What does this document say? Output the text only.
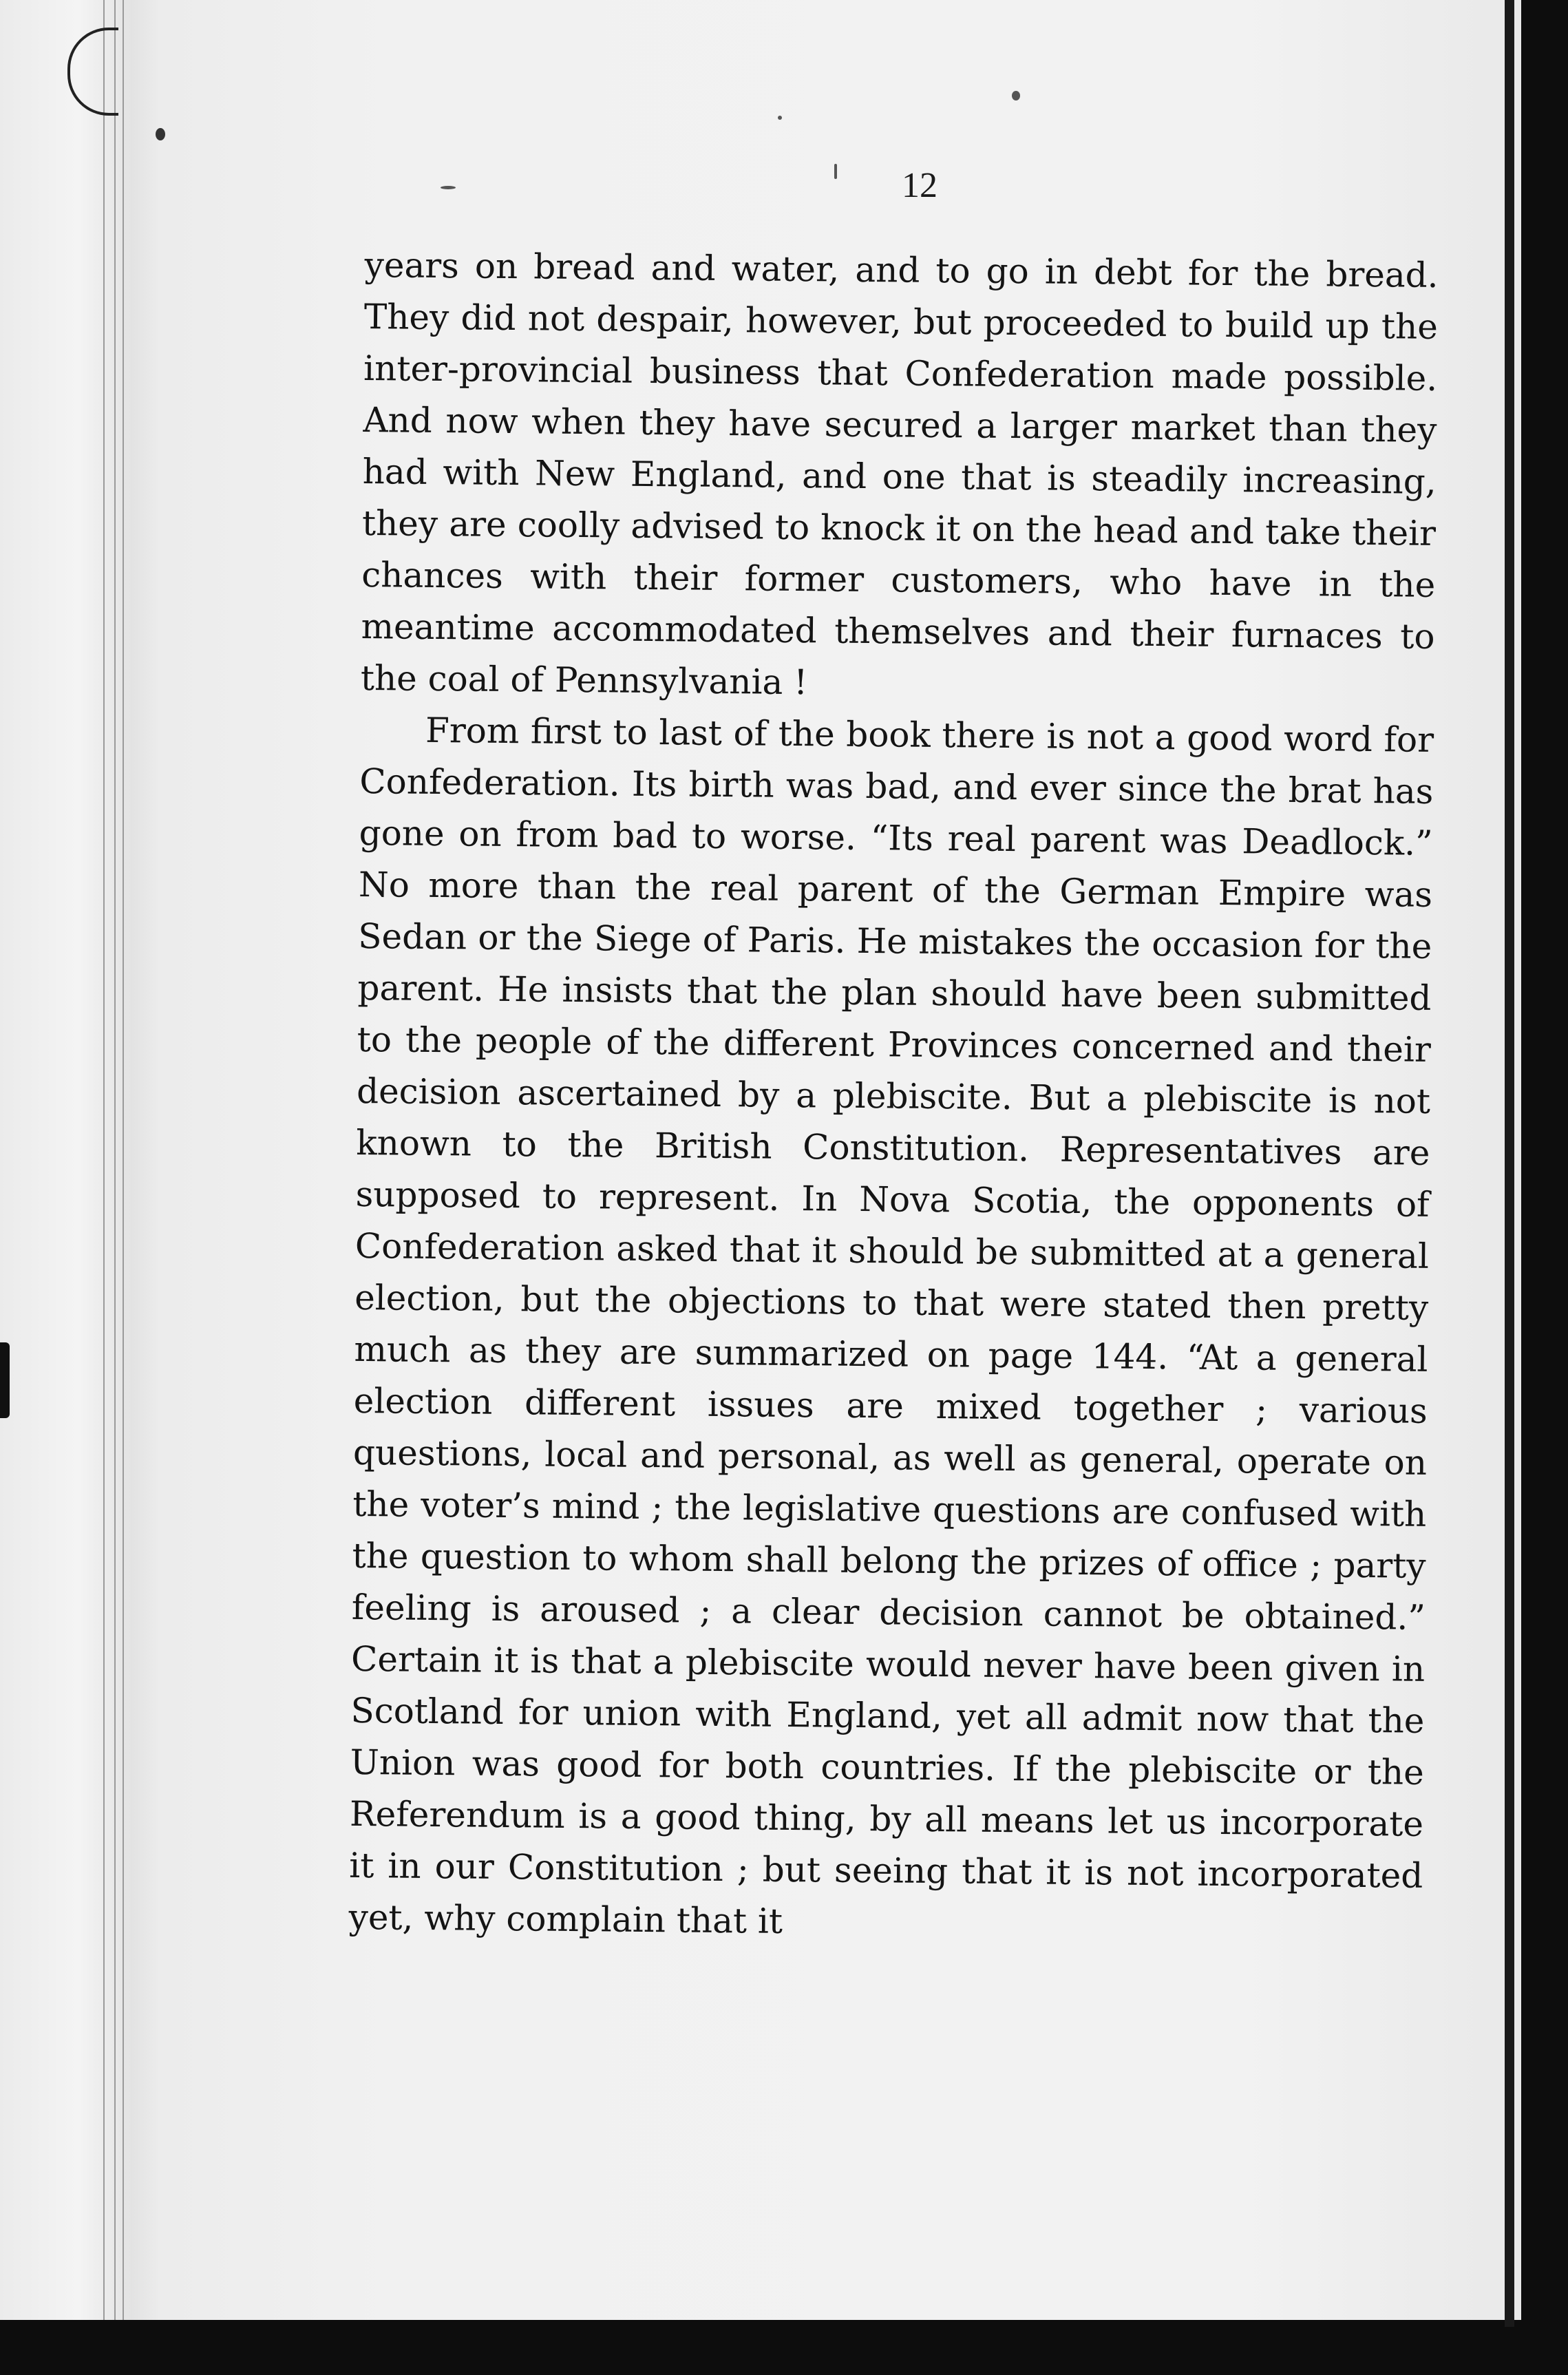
12

years on bread and water, and to go in debt for the bread. They did not despair, however, but proceeded to build up the inter-provincial business that Confederation made possible. And now when they have secured a larger market than they had with New England, and one that is steadily increasing, they are coolly advised to knock it on the head and take their chances with their former customers, who have in the meantime accommodated themselves and their furnaces to the coal of Pennsylvania !

From first to last of the book there is not a good word for Confederation. Its birth was bad, and ever since the brat has gone on from bad to worse. “Its real parent was Deadlock.” No more than the real parent of the German Empire was Sedan or the Siege of Paris. He mistakes the occasion for the parent. He insists that the plan should have been submitted to the people of the different Provinces concerned and their decision ascertained by a plebiscite. But a plebiscite is not known to the British Constitution. Representatives are supposed to represent. In Nova Scotia, the opponents of Confederation asked that it should be submitted at a general election, but the objections to that were stated then pretty much as they are summarized on page 144. “At a general election different issues are mixed together ; various questions, local and personal, as well as general, operate on the voter’s mind ; the legislative questions are confused with the question to whom shall belong the prizes of office ; party feeling is aroused ; a clear decision cannot be obtained.” Certain it is that a plebiscite would never have been given in Scotland for union with England, yet all admit now that the Union was good for both countries. If the plebiscite or the Referendum is a good thing, by all means let us incorporate it in our Constitution ; but seeing that it is not incorporated yet, why complain that it
